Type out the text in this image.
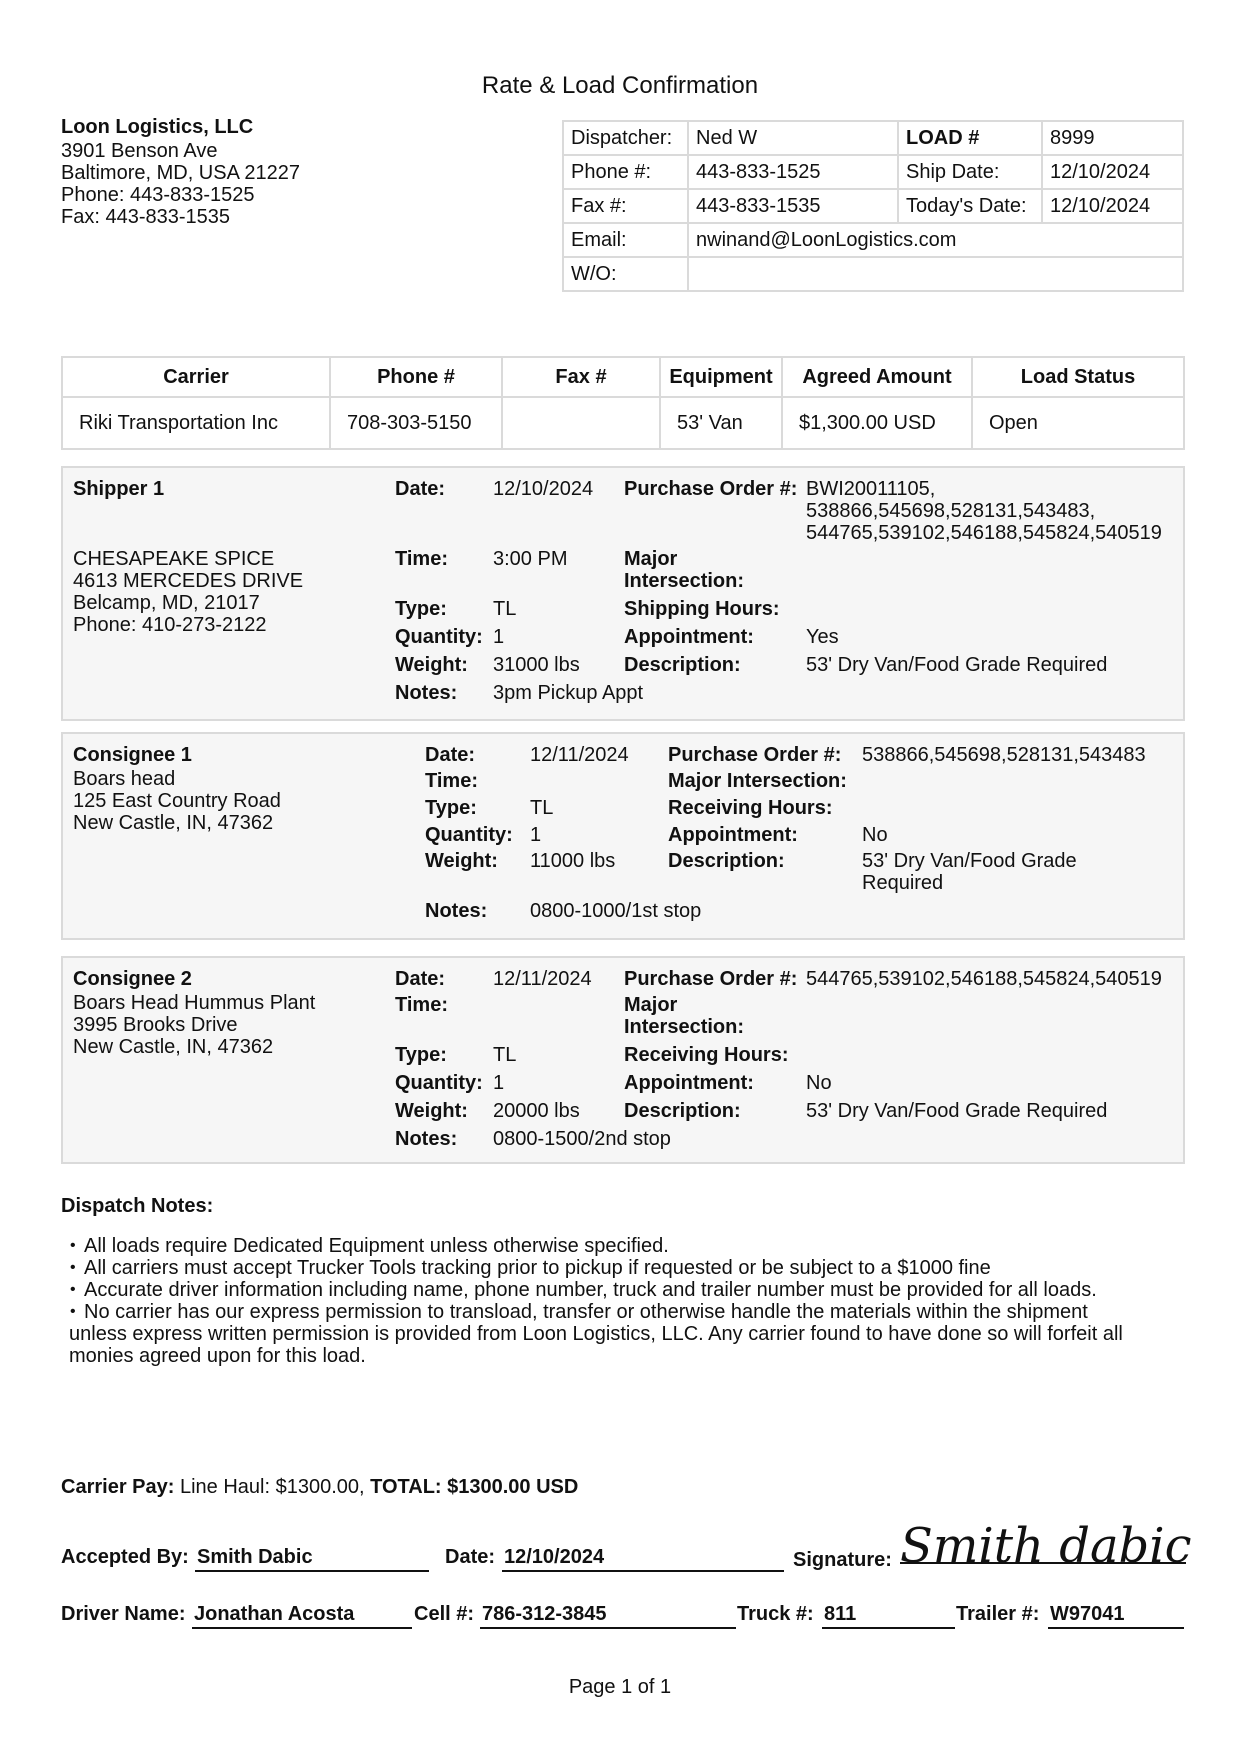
Rate & Load Confirmation
Loon Logistics, LLC
3901 Benson Ave
Baltimore, MD, USA 21227
Phone: 443-833-1525
Fax: 443-833-1535
Dispatcher:	Ned W	LOAD #	8999
Phone #:	443-833-1525	Ship Date:	12/10/2024
Fax #:	443-833-1535	Today's Date:	12/10/2024
Email:	nwinand@LoonLogistics.com		
W/O:			
Carrier	Phone #	Fax #	Equipment	Agreed Amount	Load Status
Riki Transportation Inc	708-303-5150		53' Van	$1,300.00 USD	Open
Shipper 1
CHESAPEAKE SPICE
4613 MERCEDES DRIVE
Belcamp, MD, 21017
Phone: 410-273-2122
Date: 12/10/2024
Time: 3:00 PM
Type: TL
Quantity: 1
Weight: 31000 lbs
Notes: 3pm Pickup Appt
Purchase Order #: BWI20011105,
538866,545698,528131,543483,
544765,539102,546188,545824,540519
Major
Intersection:
Shipping Hours:
Appointment:	Yes
Description:	53' Dry Van/Food Grade Required
Consignee 1
Boars head
125 East Country Road
New Castle, IN, 47362
Date:	12/11/2024
Time:
Type:	TL
Quantity: 1
Weight: 11000 lbs
Notes: 0800-1000/1st stop
Purchase Order #: 538866,545698,528131,543483
Major Intersection:
Receiving Hours:
Appointment:	No
Description:	53' Dry Van/Food Grade
Required
Consignee 2
Boars Head Hummus Plant
3995 Brooks Drive
New Castle, IN, 47362
Date: 12/11/2024
Time:
Type: TL
Quantity: 1
Weight: 20000 lbs
Notes: 0800-1500/2nd stop
Purchase Order #: 544765,539102,546188,545824,540519
Major
Intersection:
Receiving Hours:
Appointment:	No
Description:	53' Dry Van/Food Grade Required
Dispatch Notes:
• All loads require Dedicated Equipment unless otherwise specified.
• All carriers must accept Trucker Tools tracking prior to pickup if requested or be subject to a $1000 fine
• Accurate driver information including name, phone number, truck and trailer number must be provided for all loads.
• No carrier has our express permission to transload, transfer or otherwise handle the materials within the shipment
unless express written permission is provided from Loon Logistics, LLC. Any carrier found to have done so will forfeit all
monies agreed upon for this load.
Carrier Pay: Line Haul: $1300.00, TOTAL: $1300.00 USD
Accepted By: Smith Dabic	Date: 12/10/2024	Signature: Smith dabic
Driver Name: Jonathan Acosta	Cell #: 786-312-3845	Truck #: 811	Trailer #: W97041
Page 1 of 1
